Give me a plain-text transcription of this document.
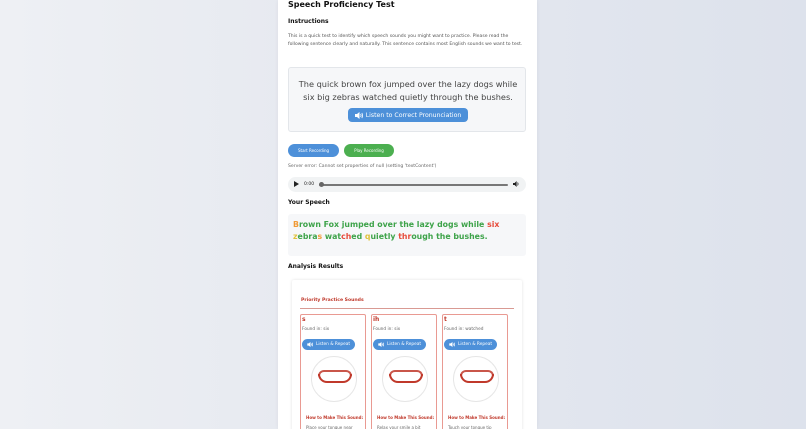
Speech Proficiency Test
Instructions
This is a quick test to identify which speech sounds you might want to practice. Please read the following sentence clearly and naturally. This sentence contains most English sounds we want to test.
The quick brown fox jumped over the lazy dogs while six big zebras watched quietly through the bushes.
Listen to Correct Pronunciation
Start Recording	Play Recording
Server error: Cannot set properties of null (setting 'textContent')
0:00
Your Speech
Brown Fox jumped over the lazy dogs while six zebras watched quietly through the bushes.
Analysis Results
Priority Practice Sounds
s
Found in: six
Listen & Repeat
How to Make This Sound:
Place your tongue near
ih
Found in: six
Listen & Repeat
How to Make This Sound:
Relax your smile a bit
t
Found in: watched
Listen & Repeat
How to Make This Sound:
Touch your tongue tip
